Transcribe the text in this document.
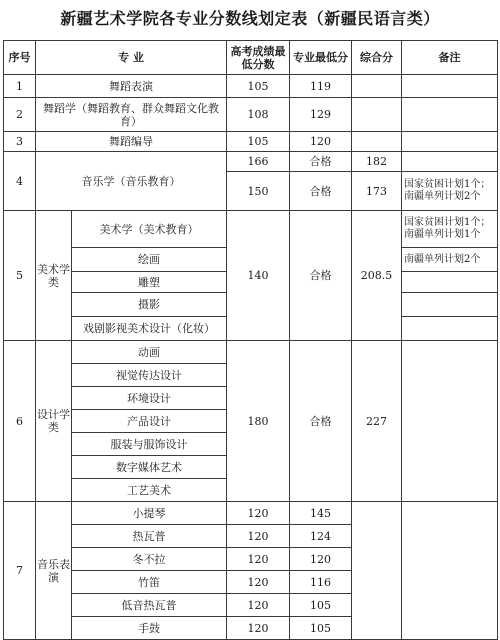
新疆艺术学院各专业分数线划定表（新疆民语言类）
序号	专 业		高考成绩最低分数	专业最低分	综合分	备注
1	舞蹈表演		105	119		
2	舞蹈学（舞蹈教育、群众舞蹈文化教育）		108	129		
3	舞蹈编导		105	120		
4	音乐学（音乐教育）		166	合格	182	
			150	合格	173	国家贫困计划1个；南疆单列计划2个
5	美术学类	美术学（美术教育）	140	合格	208.5	国家贫困计划1个；南疆单列计划1个
		绘画				南疆单列计划2个
		雕塑				
		摄影				
		戏剧影视美术设计（化妆）				
6	设计学类	动画	180	合格	227	
		视觉传达设计				
		环境设计				
		产品设计				
		服装与服饰设计				
		数字媒体艺术				
		工艺美术				
7	音乐表演	小提琴	120	145		
		热瓦普	120	124		
		冬不拉	120	120		
		竹笛	120	116		
		低音热瓦普	120	105		
		手鼓	120	105		
